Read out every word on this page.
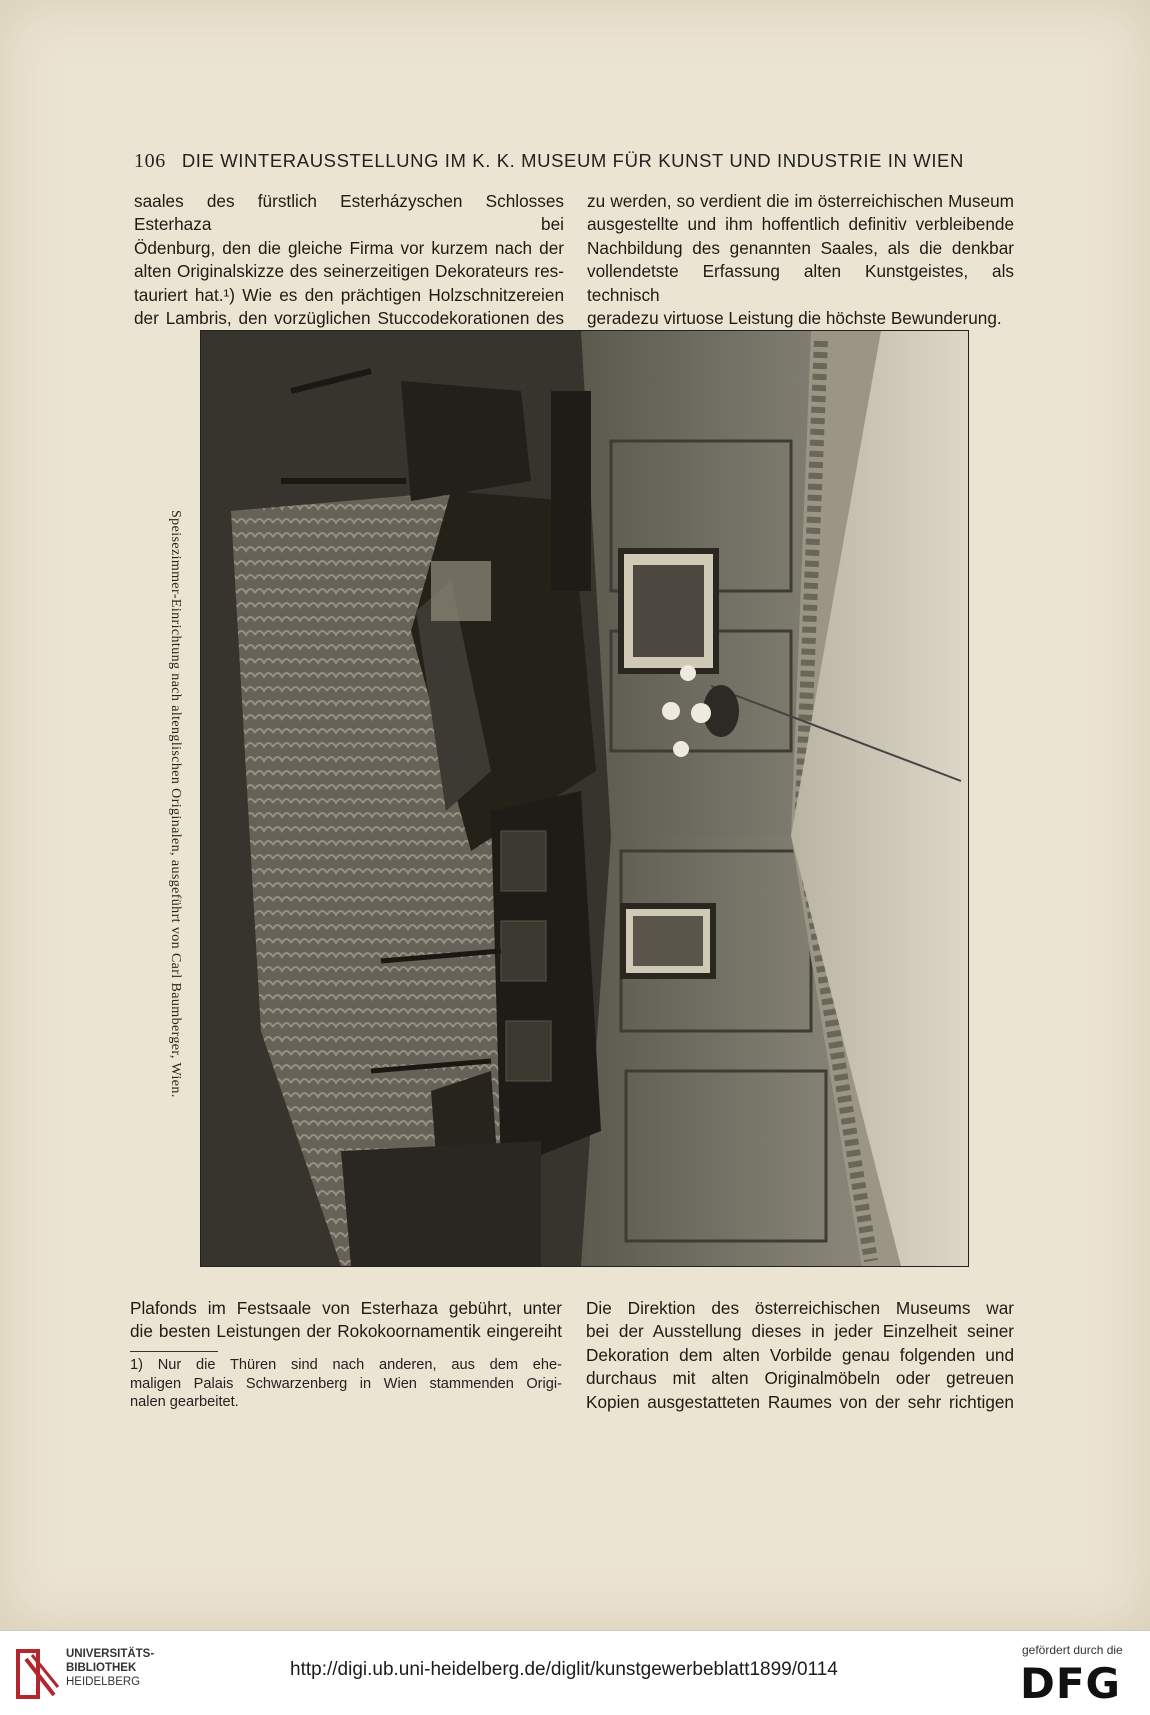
106 DIE WINTERAUSSTELLUNG IM K. K. MUSEUM FÜR KUNST UND INDUSTRIE IN WIEN

saales des fürstlich Esterházyschen Schlosses Esterhaza bei

Ödenburg, den die gleiche Firma vor kurzem nach der

alten Originalskizze des seinerzeitigen Dekorateurs res-

tauriert hat.¹) Wie es den prächtigen Holzschnitzereien

der Lambris, den vorzüglichen Stuccodekorationen des

zu werden, so verdient die im österreichischen Museum

ausgestellte und ihm hoffentlich definitiv verbleibende

Nachbildung des genannten Saales, als die denkbar

vollendetste Erfassung alten Kunstgeistes, als technisch

geradezu virtuose Leistung die höchste Bewunderung.

Speisezimmer-Einrichtung nach altenglischen Originalen, ausgeführt von Carl Baumberger, Wien.

Plafonds im Festsaale von Esterhaza gebührt, unter

die besten Leistungen der Rokokoornamentik eingereiht

1) Nur die Thüren sind nach anderen, aus dem ehe-

maligen Palais Schwarzenberg in Wien stammenden Origi-

nalen gearbeitet.

Die Direktion des österreichischen Museums war

bei der Ausstellung dieses in jeder Einzelheit seiner

Dekoration dem alten Vorbilde genau folgenden und

durchaus mit alten Originalmöbeln oder getreuen

Kopien ausgestatteten Raumes von der sehr richtigen

UNIVERSITÄTS-
BIBLIOTHEK
HEIDELBERG
http://digi.ub.uni-heidelberg.de/diglit/kunstgewerbeblatt1899/0114
gefördert durch die
DFG
